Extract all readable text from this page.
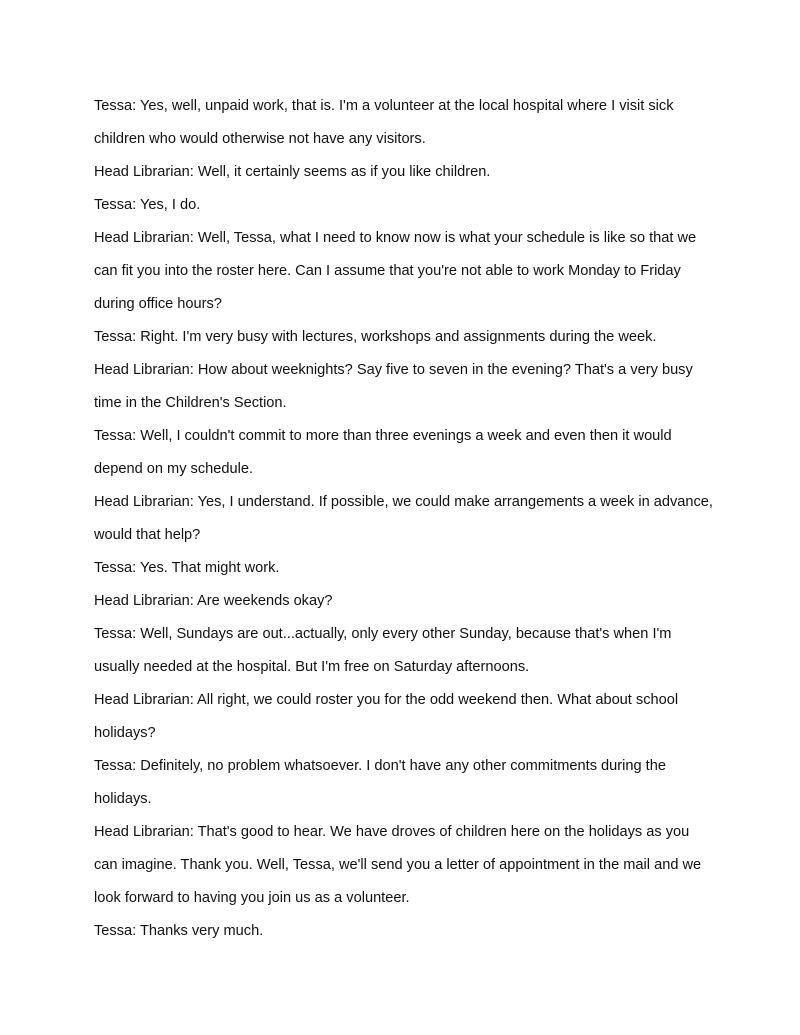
Tessa: Yes, well, unpaid work, that is. I'm a volunteer at the local hospital where I visit sick

children who would otherwise not have any visitors.

Head Librarian: Well, it certainly seems as if you like children.

Tessa: Yes, I do.

Head Librarian: Well, Tessa, what I need to know now is what your schedule is like so that we

can fit you into the roster here. Can I assume that you're not able to work Monday to Friday

during office hours?

Tessa: Right. I'm very busy with lectures, workshops and assignments during the week.

Head Librarian: How about weeknights? Say five to seven in the evening? That's a very busy

time in the Children's Section.

Tessa: Well, I couldn't commit to more than three evenings a week and even then it would

depend on my schedule.

Head Librarian: Yes, I understand. If possible, we could make arrangements a week in advance,

would that help?

Tessa: Yes. That might work.

Head Librarian: Are weekends okay?

Tessa: Well, Sundays are out...actually, only every other Sunday, because that's when I'm

usually needed at the hospital. But I'm free on Saturday afternoons.

Head Librarian: All right, we could roster you for the odd weekend then. What about school

holidays?

Tessa: Definitely, no problem whatsoever. I don't have any other commitments during the

holidays.

Head Librarian: That's good to hear. We have droves of children here on the holidays as you

can imagine. Thank you. Well, Tessa, we'll send you a letter of appointment in the mail and we

look forward to having you join us as a volunteer.

Tessa: Thanks very much.
